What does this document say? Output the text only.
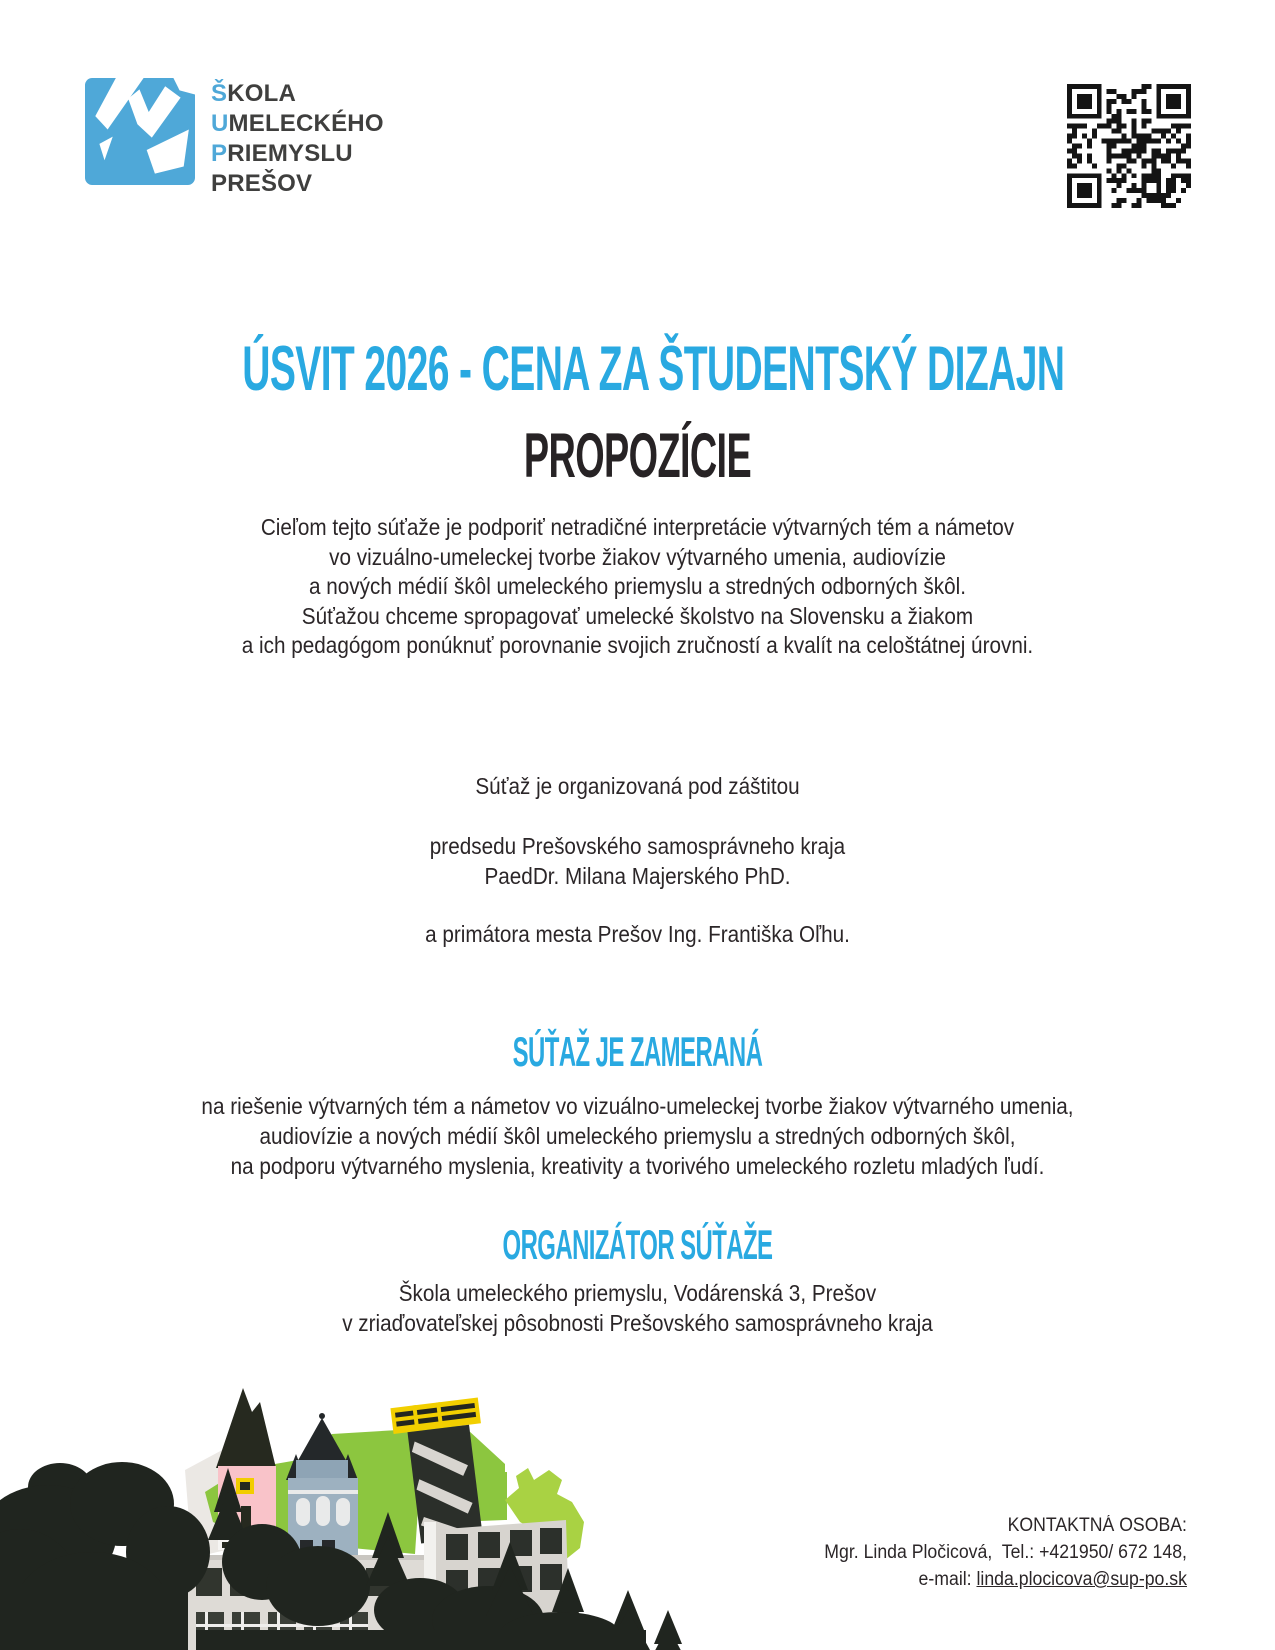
ŠKOLA
UMELECKÉHO
PRIEMYSLU
PREŠOV
ÚSVIT 2026 - CENA ZA ŠTUDENTSKÝ DIZAJN
PROPOZÍCIE
Cieľom tejto súťaže je podporiť netradičné interpretácie výtvarných tém a námetov
vo vizuálno-umeleckej tvorbe žiakov výtvarného umenia, audiovízie
a nových médií škôl umeleckého priemyslu a stredných odborných škôl.
Súťažou chceme spropagovať umelecké školstvo na Slovensku a žiakom
a ich pedagógom ponúknuť porovnanie svojich zručností a kvalít na celoštátnej úrovni.
Súťaž je organizovaná pod záštitou
predsedu Prešovského samosprávneho kraja
PaedDr. Milana Majerského PhD.
a primátora mesta Prešov Ing. Františka Oľhu.
SÚŤAŽ JE ZAMERANÁ
na riešenie výtvarných tém a námetov vo vizuálno-umeleckej tvorbe žiakov výtvarného umenia,
audiovízie a nových médií škôl umeleckého priemyslu a stredných odborných škôl,
na podporu výtvarného myslenia, kreativity a tvorivého umeleckého rozletu mladých ľudí.
ORGANIZÁTOR SÚŤAŽE
Škola umeleckého priemyslu, Vodárenská 3, Prešov
v zriaďovateľskej pôsobnosti Prešovského samosprávneho kraja
KONTAKTNÁ OSOBA:
Mgr. Linda Pločicová,  Tel.: +421950/ 672 148,
e-mail: linda.plocicova@sup-po.sk
